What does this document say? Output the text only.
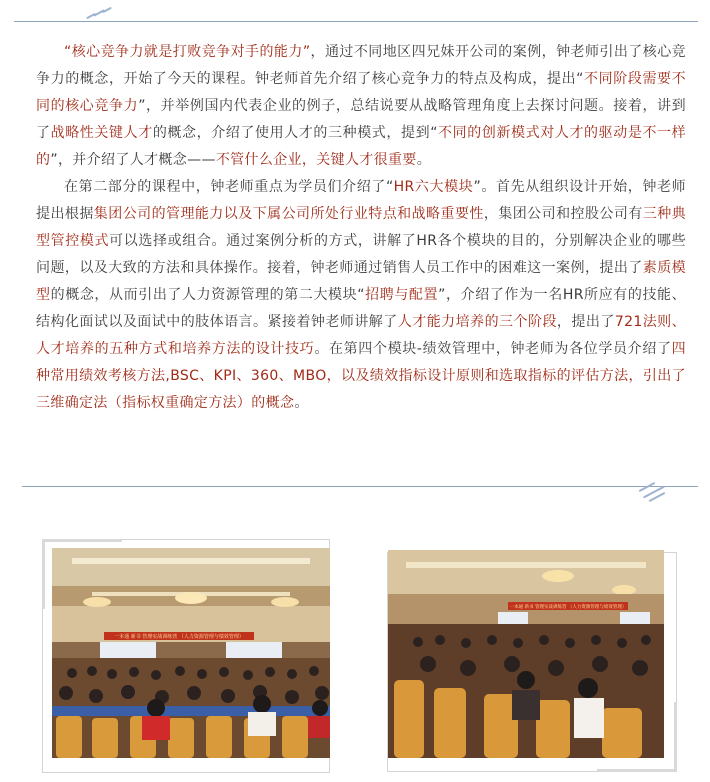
“核心竞争力就是打败竞争对手的能力”，通过不同地区四兄妹开公司的案例，钟老师引出了核心竞争力的概念，开始了今天的课程。钟老师首先介绍了核心竞争力的特点及构成，提出“不同阶段需要不同的核心竞争力”，并举例国内代表企业的例子，总结说要从战略管理角度上去探讨问题。接着，讲到了战略性关键人才的概念，介绍了使用人才的三种模式，提到“不同的创新模式对人才的驱动是不一样的”，并介绍了人才概念——不管什么企业，关键人才很重要。

在第二部分的课程中，钟老师重点为学员们介绍了“HR六大模块”。首先从组织设计开始，钟老师提出根据集团公司的管理能力以及下属公司所处行业特点和战略重要性，集团公司和控股公司有三种典型管控模式可以选择或组合。通过案例分析的方式，讲解了HR各个模块的目的，分别解决企业的哪些问题，以及大致的方法和具体操作。接着，钟老师通过销售人员工作中的困难这一案例，提出了素质模型的概念，从而引出了人力资源管理的第二大模块“招聘与配置”，介绍了作为一名HR所应有的技能、结构化面试以及面试中的肢体语言。紧接着钟老师讲解了人才能力培养的三个阶段，提出了721法则、人才培养的五种方式和培养方法的设计技巧。在第四个模块-绩效管理中，钟老师为各位学员介绍了四种常用绩效考核方法,BSC、KPI、360、MBO，以及绩效指标设计原则和选取指标的评估方法，引出了三维确定法（指标权重确定方法）的概念。

一本通 新书 管理实战训练营 （人力资源管理与绩效管理）
一本通 新书 管理实战训练营 （人力资源管理与绩效管理）
